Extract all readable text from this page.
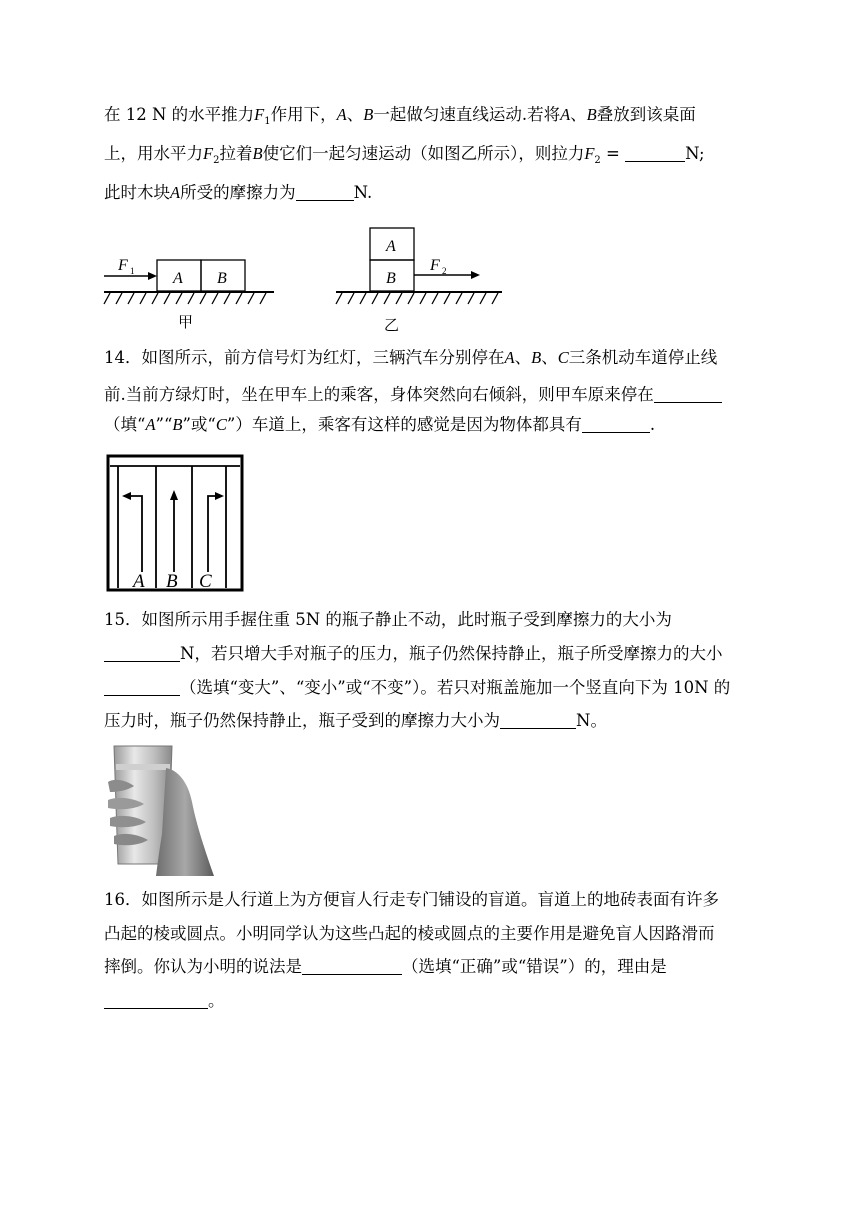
在 12 N 的水平推力$F_1$作用下，A、B一起做匀速直线运动.若将A、B叠放到该桌面
上，用水平力$F_2$拉着B使它们一起匀速运动（如图乙所示），则拉力$F_2$ =	N;
此时木块A所受的摩擦力为	N.
F 1 A B
甲
F 2
A
B
乙
14．如图所示，前方信号灯为红灯，三辆汽车分别停在A、B、C三条机动车道停止线
前.当前方绿灯时，坐在甲车上的乘客，身体突然向右倾斜，则甲车原来停在
（填“A”“B”或“C”）车道上，乘客有这样的感觉是因为物体都具有	.
A B C
15．如图所示用手握住重 5N 的瓶子静止不动，此时瓶子受到摩擦力的大小为
N，若只增大手对瓶子的压力，瓶子仍然保持静止，瓶子所受摩擦力的大小
（选填“变大”、“变小”或“不变”）。若只对瓶盖施加一个竖直向下为 10N 的
压力时，瓶子仍然保持静止，瓶子受到的摩擦力大小为	N。
16．如图所示是人行道上为方便盲人行走专门铺设的盲道。盲道上的地砖表面有许多
凸起的棱或圆点。小明同学认为这些凸起的棱或圆点的主要作用是避免盲人因路滑而
摔倒。你认为小明的说法是	（选填“正确”或“错误”）的，理由是
。
